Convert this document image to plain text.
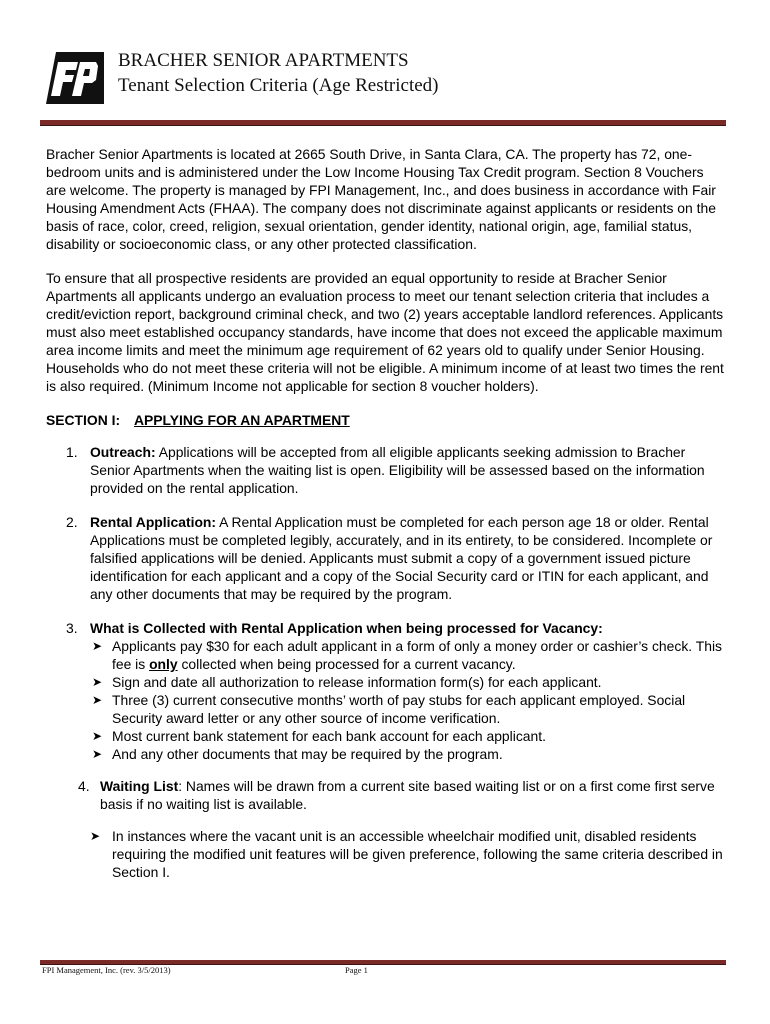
BRACHER SENIOR APARTMENTS
Tenant Selection Criteria (Age Restricted)

Bracher Senior Apartments is located at 2665 South Drive, in Santa Clara, CA. The property has 72, one-bedroom units and is administered under the Low Income Housing Tax Credit program. Section 8 Vouchers are welcome. The property is managed by FPI Management, Inc., and does business in accordance with Fair Housing Amendment Acts (FHAA). The company does not discriminate against applicants or residents on the basis of race, color, creed, religion, sexual orientation, gender identity, national origin, age, familial status, disability or socioeconomic class, or any other protected classification.

To ensure that all prospective residents are provided an equal opportunity to reside at Bracher Senior Apartments all applicants undergo an evaluation process to meet our tenant selection criteria that includes a credit/eviction report, background criminal check, and two (2) years acceptable landlord references. Applicants must also meet established occupancy standards, have income that does not exceed the applicable maximum area income limits and meet the minimum age requirement of 62 years old to qualify under Senior Housing. Households who do not meet these criteria will not be eligible. A minimum income of at least two times the rent is also required. (Minimum Income not applicable for section 8 voucher holders).

SECTION I: APPLYING FOR AN APARTMENT
1. Outreach: Applications will be accepted from all eligible applicants seeking admission to Bracher Senior Apartments when the waiting list is open. Eligibility will be assessed based on the information provided on the rental application.
2. Rental Application: A Rental Application must be completed for each person age 18 or older. Rental Applications must be completed legibly, accurately, and in its entirety, to be considered. Incomplete or falsified applications will be denied. Applicants must submit a copy of a government issued picture identification for each applicant and a copy of the Social Security card or ITIN for each applicant, and any other documents that may be required by the program.
3. What is Collected with Rental Application when being processed for Vacancy:
➤ Applicants pay $30 for each adult applicant in a form of only a money order or cashier’s check. This fee is only collected when being processed for a current vacancy.
➤ Sign and date all authorization to release information form(s) for each applicant.
➤ Three (3) current consecutive months’ worth of pay stubs for each applicant employed. Social Security award letter or any other source of income verification.
➤ Most current bank statement for each bank account for each applicant.
➤ And any other documents that may be required by the program.
4. Waiting List: Names will be drawn from a current site based waiting list or on a first come first serve basis if no waiting list is available.
➤ In instances where the vacant unit is an accessible wheelchair modified unit, disabled residents requiring the modified unit features will be given preference, following the same criteria described in Section I.
FPI Management, Inc. (rev. 3/5/2013)	Page 1
